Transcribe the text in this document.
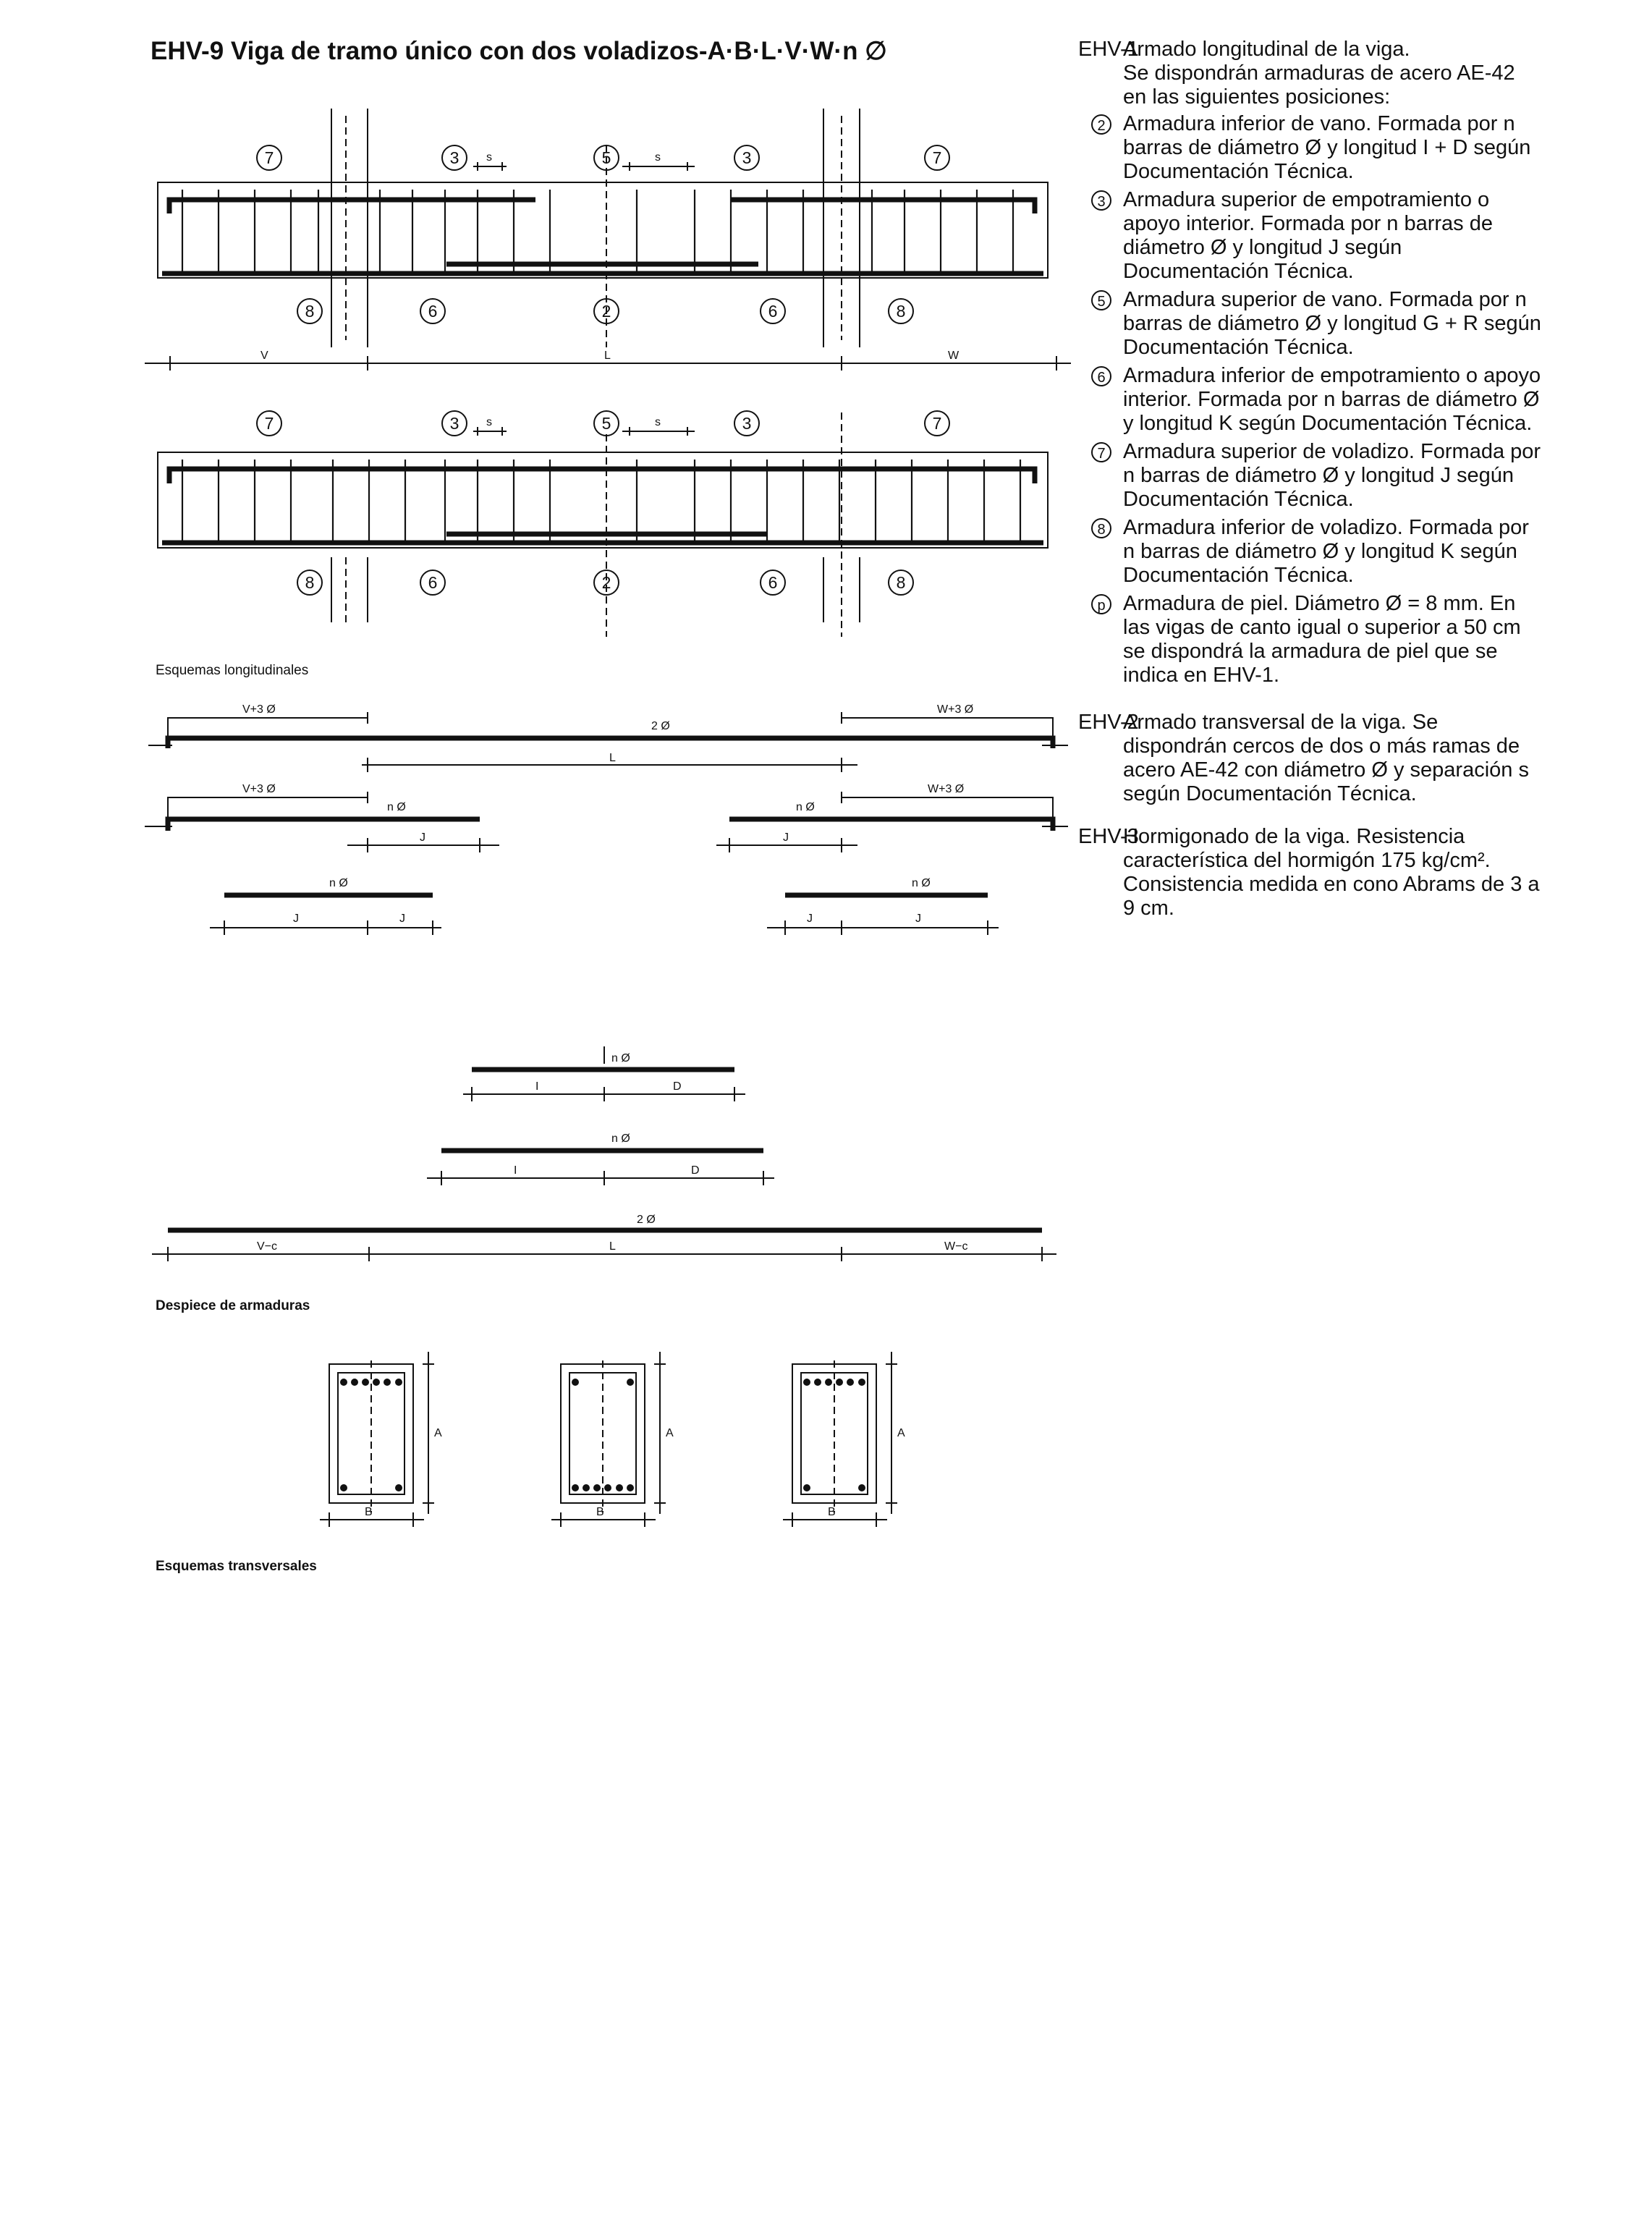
EHV-9 Viga de tramo único con dos voladizos-A·B·L·V·W·n ∅
7	3	5	3	7
s	s
8	6	2	6	8
V	L	W
7	3	5	3	7
s	s
8	6	2	6	8
Esquemas longitudinales
V+3 Ø	W+3 Ø
2 Ø
L
V+3 Ø	W+3 Ø
n Ø	n Ø
J	J
n Ø
J	J
n Ø
J	J
n Ø
I	D
n Ø
I	D
2 Ø
V−c	L	W−c
Despiece de armaduras
A
B
A
B
A
B
Esquemas transversales
EHV-1

Armado longitudinal de la viga.

Se dispondrán armaduras de acero AE-42 en las siguientes posiciones:

2 Armadura inferior de vano. Formada por n barras de diámetro Ø y longitud I + D según Documentación Técnica.
3 Armadura superior de empotramiento o apoyo interior. Formada por n barras de diámetro Ø y longitud J según Documentación Técnica.
5 Armadura superior de vano. Formada por n barras de diámetro Ø y longitud G + R según Documentación Técnica.
6 Armadura inferior de empotramiento o apoyo interior. Formada por n barras de diámetro Ø y longitud K según Documentación Técnica.
7 Armadura superior de voladizo. Formada por n barras de diámetro Ø y longitud J según Documentación Técnica.
8 Armadura inferior de voladizo. Formada por n barras de diámetro Ø y longitud K según Documentación Técnica.
p Armadura de piel. Diámetro Ø = 8 mm. En las vigas de canto igual o superior a 50 cm se dispondrá la armadura de piel que se indica en EHV-1.
EHV-2

Armado transversal de la viga. Se dispondrán cercos de dos o más ramas de acero AE-42 con diámetro Ø y separación s según Documentación Técnica.

EHV-3

Hormigonado de la viga. Resistencia característica del hormigón 175 kg/cm². Consistencia medida en cono Abrams de 3 a 9 cm.
